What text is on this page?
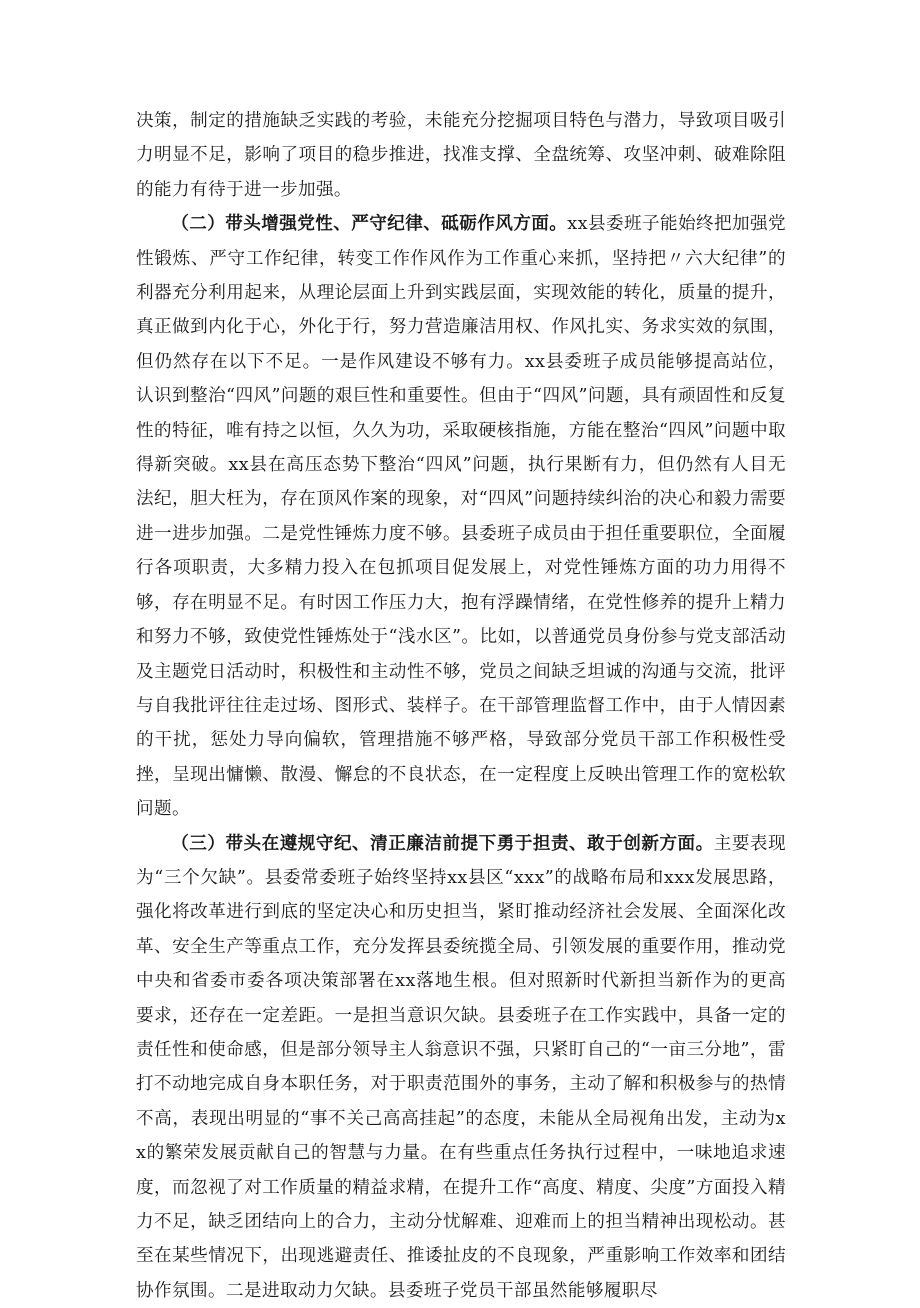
决策，制定的措施缺乏实践的考验，未能充分挖掘项目特色与潜力，导致项目吸引力明显不足，影响了项目的稳步推进，找准支撑、全盘统筹、攻坚冲刺、破难除阻的能力有待于进一步加强。

（二）带头增强党性、严守纪律、砥砺作风方面。xx县委班子能始终把加强党性锻炼、严守工作纪律，转变工作作风作为工作重心来抓，坚持把〃六大纪律”的利器充分利用起来，从理论层面上升到实践层面，实现效能的转化，质量的提升，真正做到内化于心，外化于行，努力营造廉洁用权、作风扎实、务求实效的氛围，但仍然存在以下不足。一是作风建设不够有力。xx县委班子成员能够提高站位，认识到整治“四风”问题的艰巨性和重要性。但由于“四风”问题，具有顽固性和反复性的特征，唯有持之以恒，久久为功，采取硬核指施，方能在整治“四风”问题中取得新突破。xx县在高压态势下整治“四风”问题，执行果断有力，但仍然有人目无法纪，胆大枉为，存在顶风作案的现象，对“四风”问题持续纠治的决心和毅力需要进一进步加强。二是党性锤炼力度不够。县委班子成员由于担任重要职位，全面履行各项职责，大多精力投入在包抓项目促发展上，对党性锤炼方面的功力用得不够，存在明显不足。有时因工作压力大，抱有浮躁情绪，在党性修养的提升上精力和努力不够，致使党性锤炼处于“浅水区”。比如，以普通党员身份参与党支部活动及主题党日活动时，积极性和主动性不够，党员之间缺乏坦诚的沟通与交流，批评与自我批评往往走过场、图形式、装样子。在干部管理监督工作中，由于人情因素的干扰，惩处力导向偏软，管理措施不够严格，导致部分党员干部工作积极性受挫，呈现出慵懒、散漫、懈怠的不良状态，在一定程度上反映出管理工作的宽松软问题。

（三）带头在遵规守纪、清正廉洁前提下勇于担责、敢于创新方面。主要表现为“三个欠缺”。县委常委班子始终坚持xx县区“xxx”的战略布局和xxx发展思路，强化将改革进行到底的坚定决心和历史担当，紧盯推动经济社会发展、全面深化改革、安全生产等重点工作，充分发挥县委统揽全局、引领发展的重要作用，推动党中央和省委市委各项决策部署在xx落地生根。但对照新时代新担当新作为的更高要求，还存在一定差距。一是担当意识欠缺。县委班子在工作实践中，具备一定的责任性和使命感，但是部分领导主人翁意识不强，只紧盯自己的“一亩三分地”，雷打不动地完成自身本职任务，对于职责范围外的事务，主动了解和积极参与的热情不高，表现出明显的“事不关己高高挂起”的态度，未能从全局视角出发，主动为xx的繁荣发展贡献自己的智慧与力量。在有些重点任务执行过程中，一味地追求速度，而忽视了对工作质量的精益求精，在提升工作“高度、精度、尖度”方面投入精力不足，缺乏团结向上的合力，主动分忧解难、迎难而上的担当精神出现松动。甚至在某些情况下，出现逃避责任、推诿扯皮的不良现象，严重影响工作效率和团结协作氛围。二是进取动力欠缺。县委班子党员干部虽然能够履职尽
